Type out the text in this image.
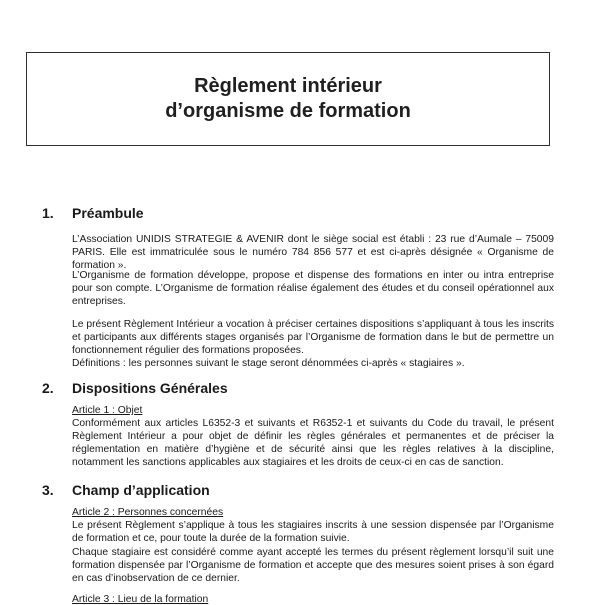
Règlement intérieur
d’organisme de formation
1. Préambule

L’Association UNIDIS STRATEGIE & AVENIR dont le siège social est établi : 23 rue d’Aumale – 75009 PARIS. Elle est immatriculée sous le numéro 784 856 577 et est ci-après désignée « Organisme de formation ».

L’Organisme de formation développe, propose et dispense des formations en inter ou intra entreprise pour son compte. L’Organisme de formation réalise également des études et du conseil opérationnel aux entreprises.

Le présent Règlement Intérieur a vocation à préciser certaines dispositions s’appliquant à tous les inscrits et participants aux différents stages organisés par l’Organisme de formation dans le but de permettre un fonctionnement régulier des formations proposées.

Définitions : les personnes suivant le stage seront dénommées ci-après « stagiaires ».

2. Dispositions Générales
Article 1 : Objet

Conformément aux articles L6352-3 et suivants et R6352-1 et suivants du Code du travail, le présent Règlement Intérieur a pour objet de définir les règles générales et permanentes et de préciser la réglementation en matière d’hygiène et de sécurité ainsi que les règles relatives à la discipline, notamment les sanctions applicables aux stagiaires et les droits de ceux-ci en cas de sanction.

3. Champ d’application
Article 2 : Personnes concernées

Le présent Règlement s’applique à tous les stagiaires inscrits à une session dispensée par l’Organisme de formation et ce, pour toute la durée de la formation suivie.

Chaque stagiaire est considéré comme ayant accepté les termes du présent règlement lorsqu’il suit une formation dispensée par l’Organisme de formation et accepte que des mesures soient prises à son égard en cas d’inobservation de ce dernier.

Article 3 : Lieu de la formation
